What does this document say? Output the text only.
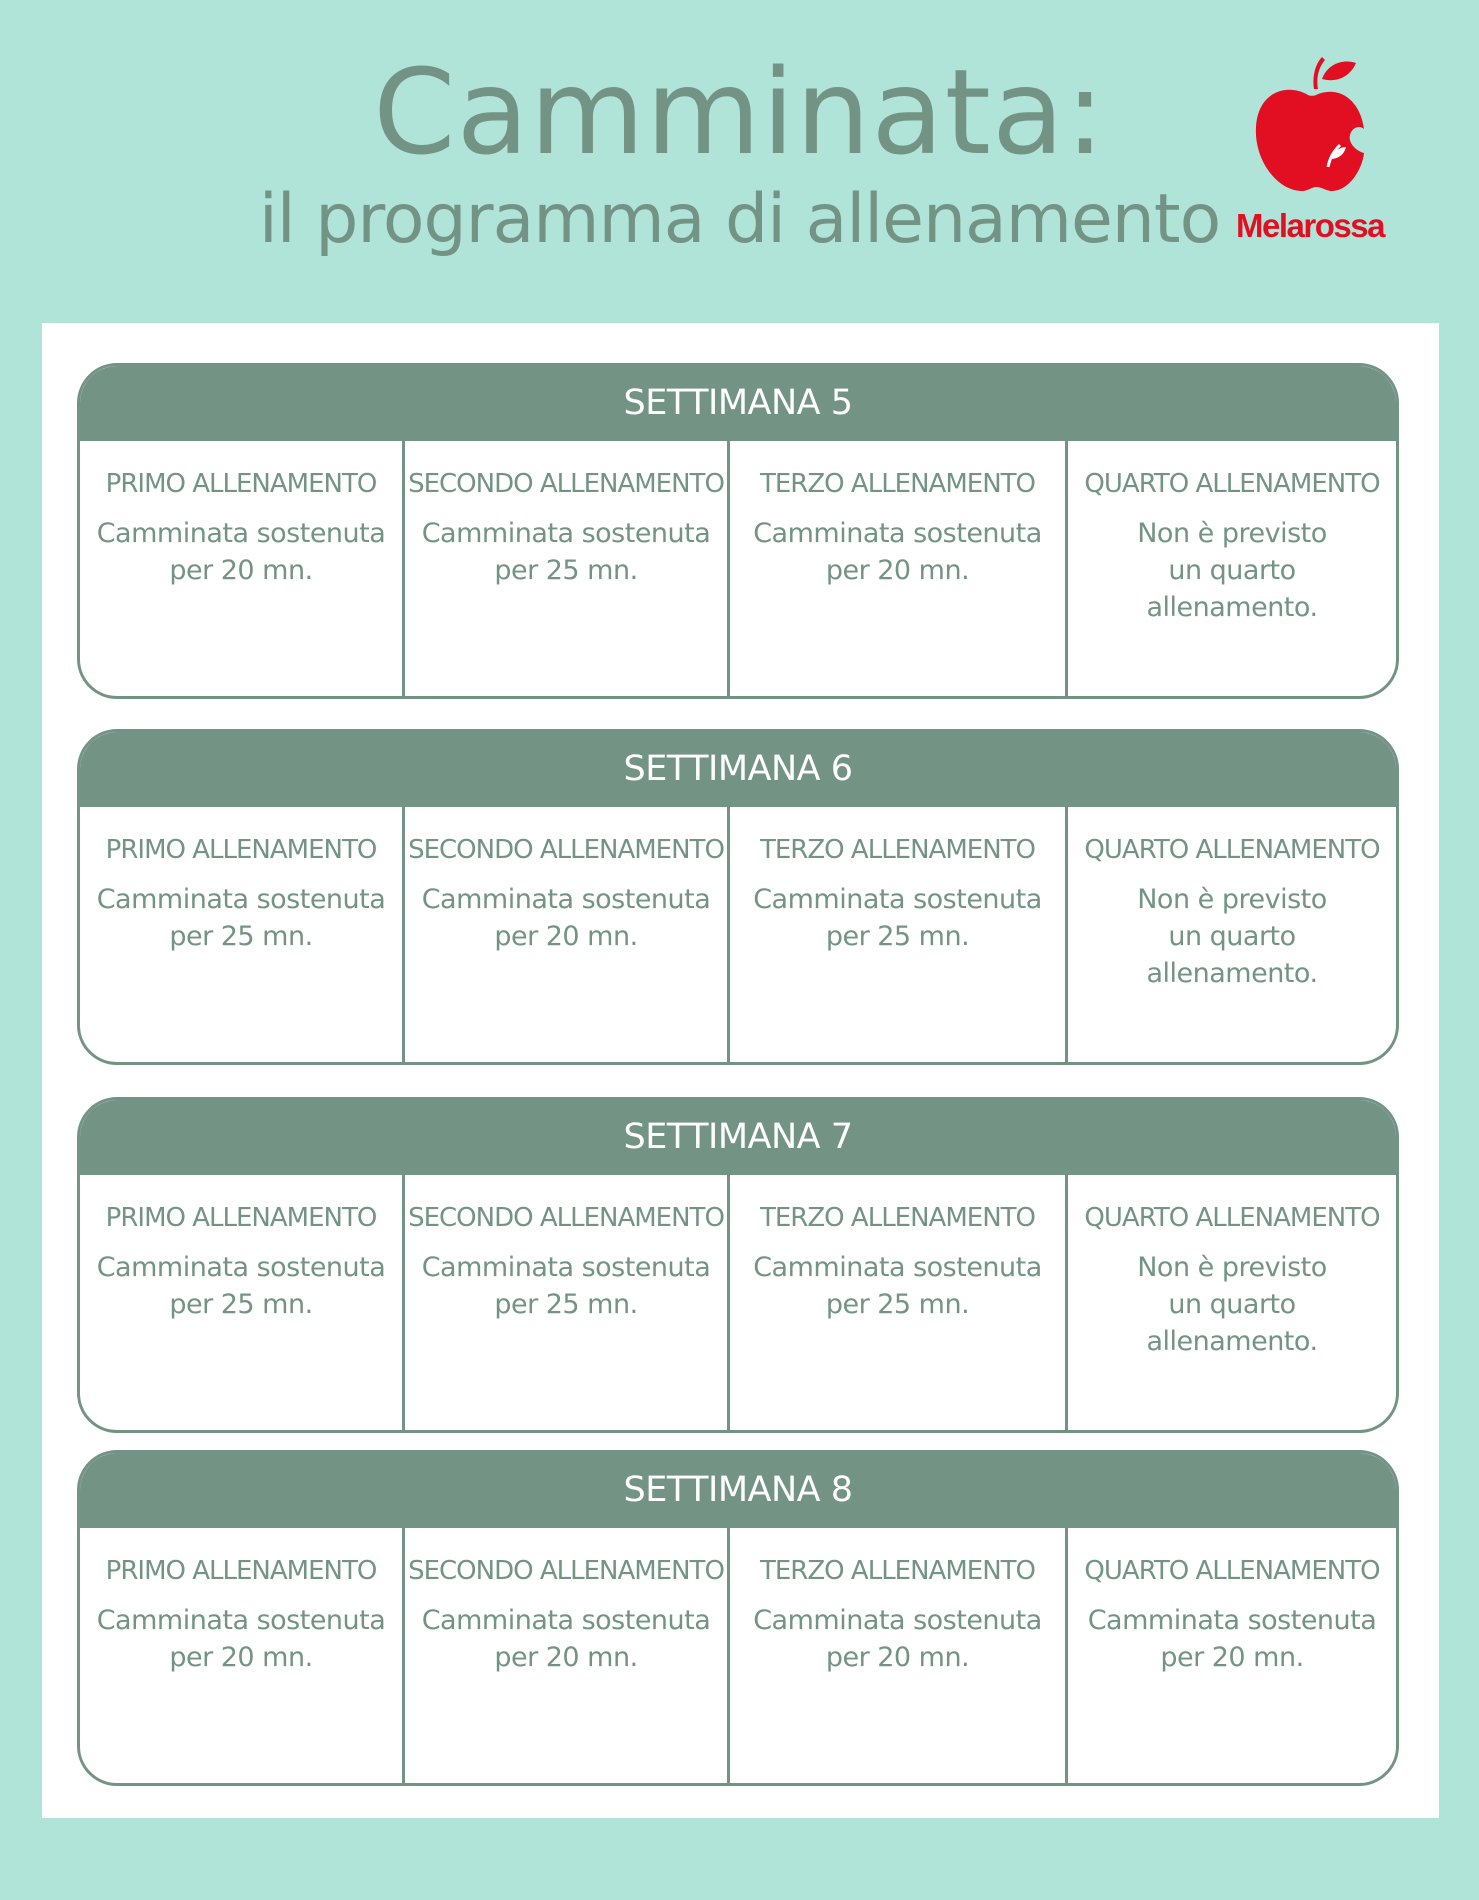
Camminata:
il programma di allenamento Melarossa
SETTIMANA 5
PRIMO ALLENAMENTO
Camminata sostenuta
per 20 mn.
SECONDO ALLENAMENTO
Camminata sostenuta
per 25 mn.
TERZO ALLENAMENTO
Camminata sostenuta
per 20 mn.
QUARTO ALLENAMENTO
Non è previsto
un quarto
allenamento.
SETTIMANA 6
PRIMO ALLENAMENTO
Camminata sostenuta
per 25 mn.
SECONDO ALLENAMENTO
Camminata sostenuta
per 20 mn.
TERZO ALLENAMENTO
Camminata sostenuta
per 25 mn.
QUARTO ALLENAMENTO
Non è previsto
un quarto
allenamento.
SETTIMANA 7
PRIMO ALLENAMENTO
Camminata sostenuta
per 25 mn.
SECONDO ALLENAMENTO
Camminata sostenuta
per 25 mn.
TERZO ALLENAMENTO
Camminata sostenuta
per 25 mn.
QUARTO ALLENAMENTO
Non è previsto
un quarto
allenamento.
SETTIMANA 8
PRIMO ALLENAMENTO
Camminata sostenuta
per 20 mn.
SECONDO ALLENAMENTO
Camminata sostenuta
per 20 mn.
TERZO ALLENAMENTO
Camminata sostenuta
per 20 mn.
QUARTO ALLENAMENTO
Camminata sostenuta
per 20 mn.
